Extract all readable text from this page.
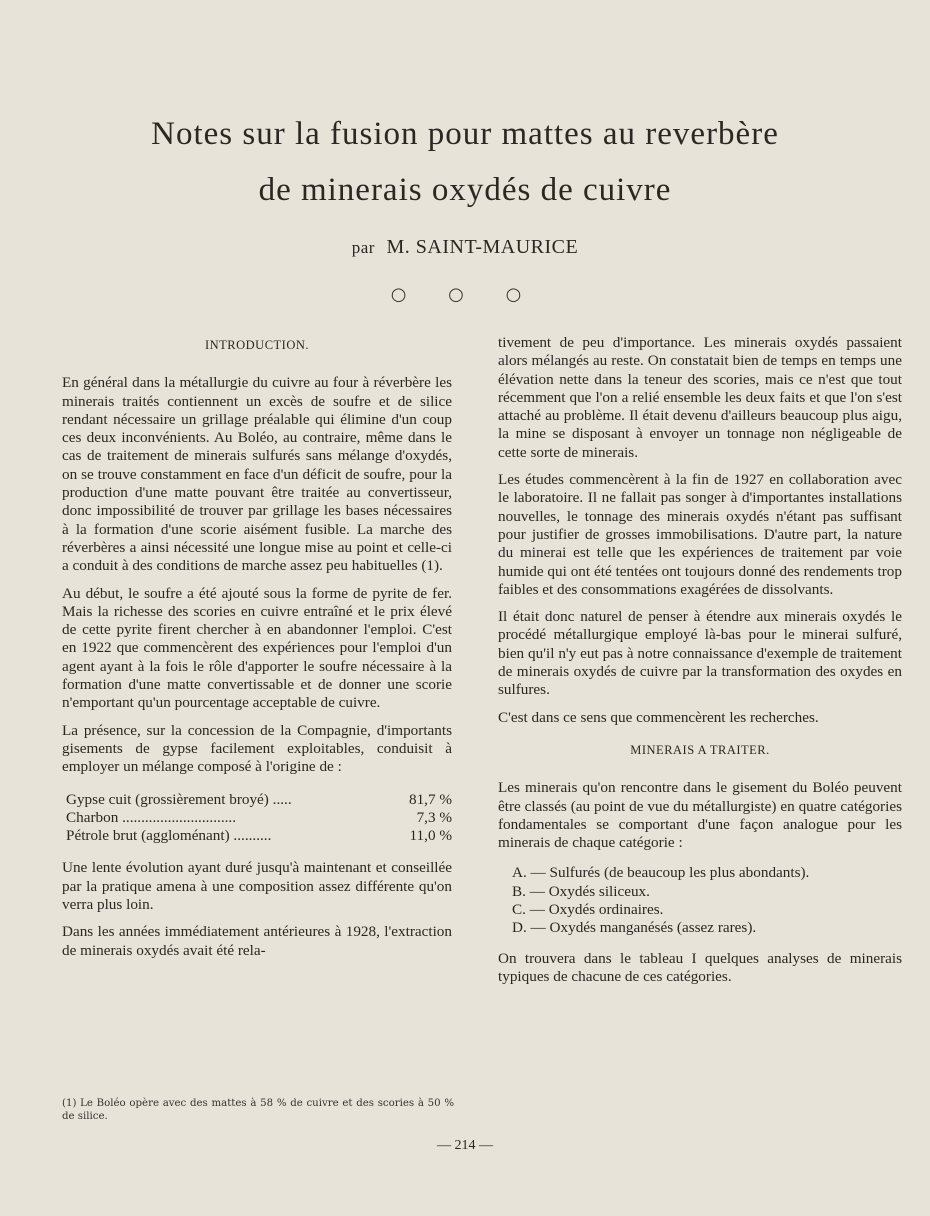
Notes sur la fusion pour mattes au reverbère
de minerais oxydés de cuivre
par M. SAINT-MAURICE
○ ○ ○
INTRODUCTION.

En général dans la métallurgie du cuivre au four à réverbère les minerais traités contiennent un excès de soufre et de silice rendant nécessaire un grillage préalable qui élimine d'un coup ces deux inconvénients. Au Boléo, au contraire, même dans le cas de traitement de minerais sulfurés sans mélange d'oxydés, on se trouve constamment en face d'un déficit de soufre, pour la production d'une matte pouvant être traitée au convertisseur, donc impossibilité de trouver par grillage les bases nécessaires à la formation d'une scorie aisément fusible. La marche des réverbères a ainsi nécessité une longue mise au point et celle-ci a conduit à des conditions de marche assez peu habituelles (1).

Au début, le soufre a été ajouté sous la forme de pyrite de fer. Mais la richesse des scories en cuivre entraîné et le prix élevé de cette pyrite firent chercher à en abandonner l'emploi. C'est en 1922 que commencèrent des expériences pour l'emploi d'un agent ayant à la fois le rôle d'apporter le soufre nécessaire à la formation d'une matte convertissable et de donner une scorie n'emportant qu'un pourcentage acceptable de cuivre.

La présence, sur la concession de la Compagnie, d'importants gisements de gypse facilement exploitables, conduisit à employer un mélange composé à l'origine de :

Gypse cuit (grossièrement broyé) .....	81,7 %
Charbon ..............................	7,3 %
Pétrole brut (aggloménant) ..........	11,0 %

Une lente évolution ayant duré jusqu'à maintenant et conseillée par la pratique amena à une composition assez différente qu'on verra plus loin.

Dans les années immédiatement antérieures à 1928, l'extraction de minerais oxydés avait été rela-

(1) Le Boléo opère avec des mattes à 58 % de cuivre et des scories à 50 % de silice.

tivement de peu d'importance. Les minerais oxydés passaient alors mélangés au reste. On constatait bien de temps en temps une élévation nette dans la teneur des scories, mais ce n'est que tout récemment que l'on a relié ensemble les deux faits et que l'on s'est attaché au problème. Il était devenu d'ailleurs beaucoup plus aigu, la mine se disposant à envoyer un tonnage non négligeable de cette sorte de minerais.

Les études commencèrent à la fin de 1927 en collaboration avec le laboratoire. Il ne fallait pas songer à d'importantes installations nouvelles, le tonnage des minerais oxydés n'étant pas suffisant pour justifier de grosses immobilisations. D'autre part, la nature du minerai est telle que les expériences de traitement par voie humide qui ont été tentées ont toujours donné des rendements trop faibles et des consommations exagérées de dissolvants.

Il était donc naturel de penser à étendre aux minerais oxydés le procédé métallurgique employé là-bas pour le minerai sulfuré, bien qu'il n'y eut pas à notre connaissance d'exemple de traitement de minerais oxydés de cuivre par la transformation des oxydes en sulfures.

C'est dans ce sens que commencèrent les recherches.

MINERAIS A TRAITER.

Les minerais qu'on rencontre dans le gisement du Boléo peuvent être classés (au point de vue du métallurgiste) en quatre catégories fondamentales se comportant d'une façon analogue pour les minerais de chaque catégorie :

A. — Sulfurés (de beaucoup les plus abondants).
B. — Oxydés siliceux.
C. — Oxydés ordinaires.
D. — Oxydés manganésés (assez rares).

On trouvera dans le tableau I quelques analyses de minerais typiques de chacune de ces catégories.

— 214 —
